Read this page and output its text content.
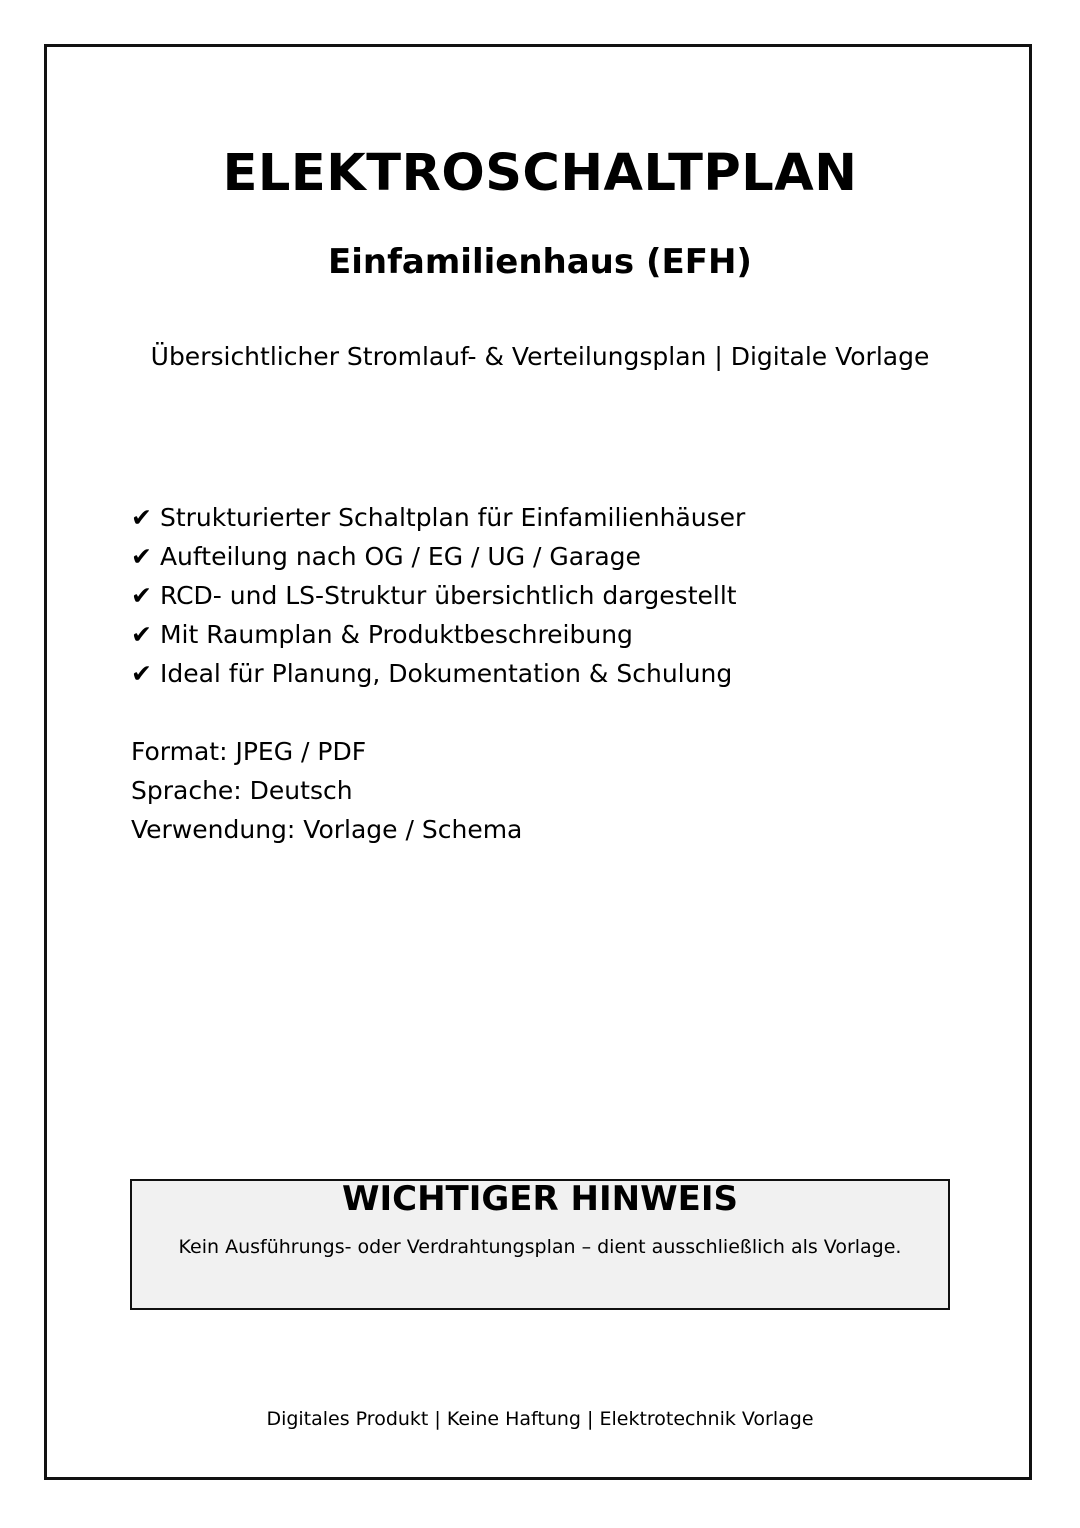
ELEKTROSCHALTPLAN
Einfamilienhaus (EFH)
Übersichtlicher Stromlauf- & Verteilungsplan | Digitale Vorlage
✔ Strukturierter Schaltplan für Einfamilienhäuser
✔ Aufteilung nach OG / EG / UG / Garage
✔ RCD- und LS-Struktur übersichtlich dargestellt
✔ Mit Raumplan & Produktbeschreibung
✔ Ideal für Planung, Dokumentation & Schulung
Format: JPEG / PDF
Sprache: Deutsch
Verwendung: Vorlage / Schema
WICHTIGER HINWEIS
Kein Ausführungs- oder Verdrahtungsplan – dient ausschließlich als Vorlage.
Digitales Produkt | Keine Haftung | Elektrotechnik Vorlage
